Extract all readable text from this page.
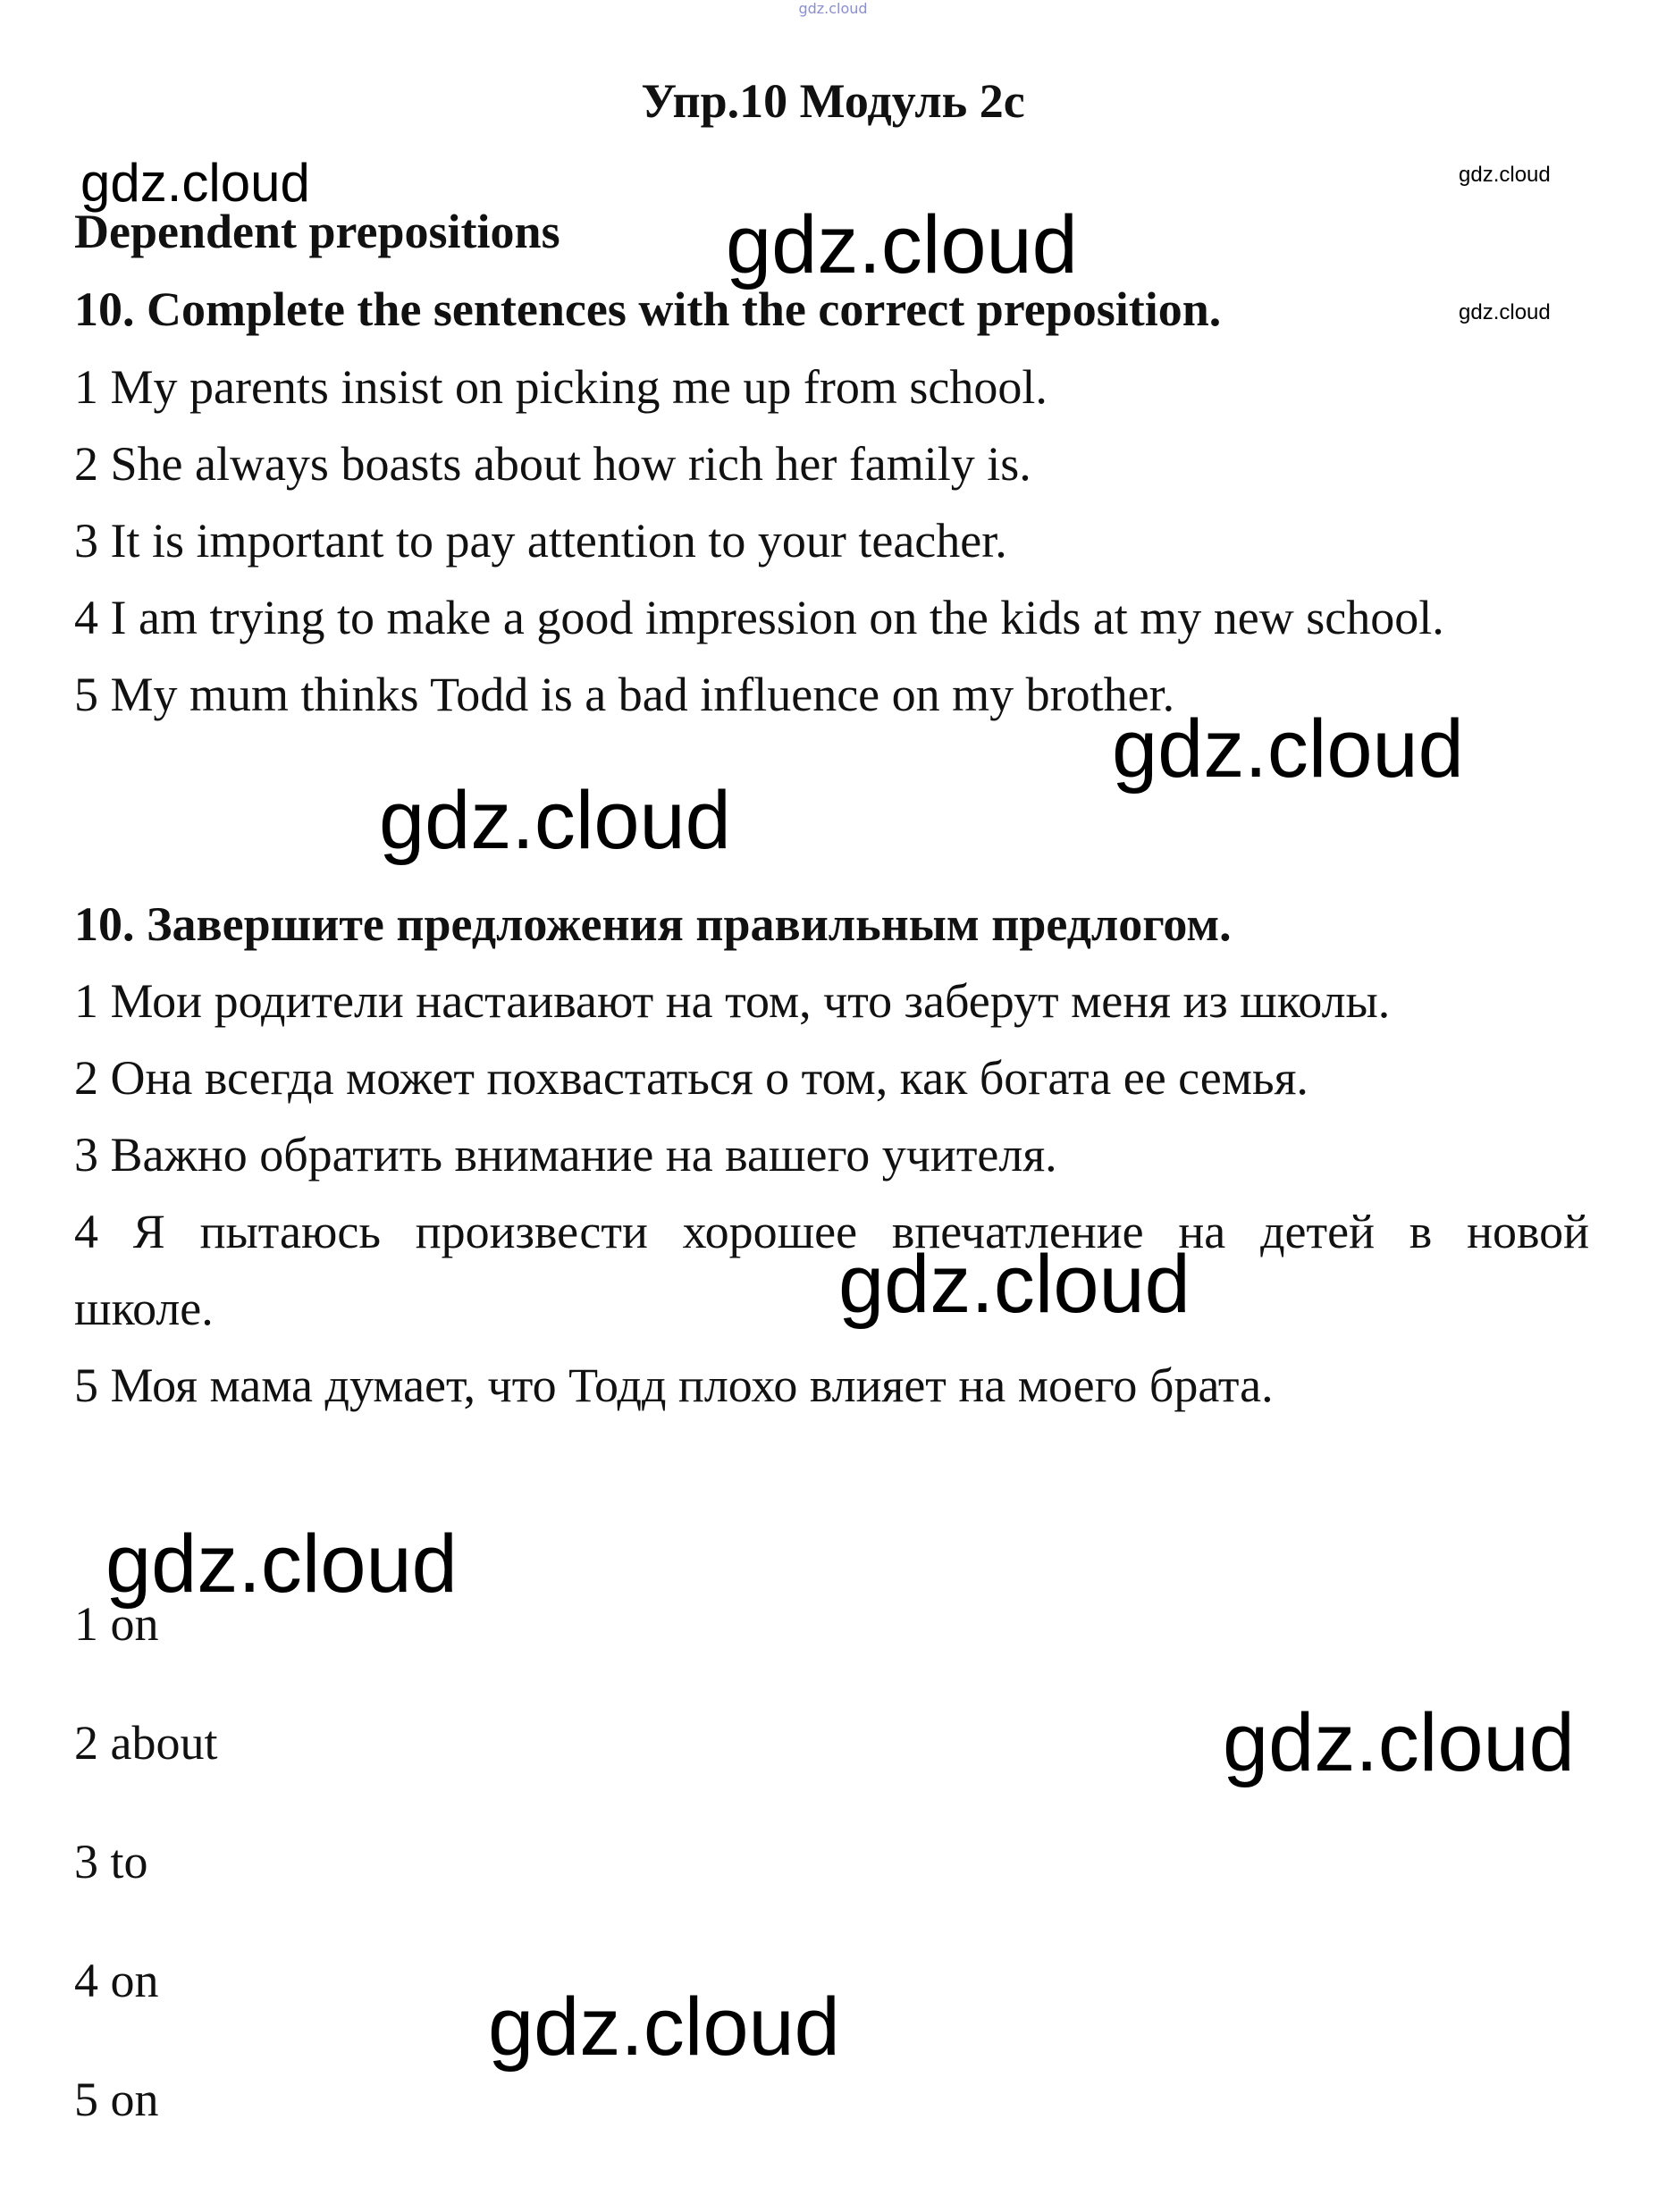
gdz.cloud
Упр.10 Модуль 2с
gdz.cloud	gdz.cloud
Dependent prepositions gdz.cloud
10. Complete the sentences with the correct preposition.	gdz.cloud
1 My parents insist on picking me up from school.
2 She always boasts about how rich her family is.
3 It is important to pay attention to your teacher.
4 I am trying to make a good impression on the kids at my new school.
5 My mum thinks Todd is a bad influence on my brother.
gdz.cloud
gdz.cloud
10. Завершите предложения правильным предлогом.
1 Мои родители настаивают на том, что заберут меня из школы.
2 Она всегда может похвастаться о том, как богата ее семья.
3 Важно обратить внимание на вашего учителя.
4 Я пытаюсь произвести хорошее впечатление на детей в новой
школе.	gdz.cloud
5 Моя мама думает, что Тодд плохо влияет на моего брата.
gdz.cloud
1 on
2 about	gdz.cloud
3 to
4 on
gdz.cloud
5 on
